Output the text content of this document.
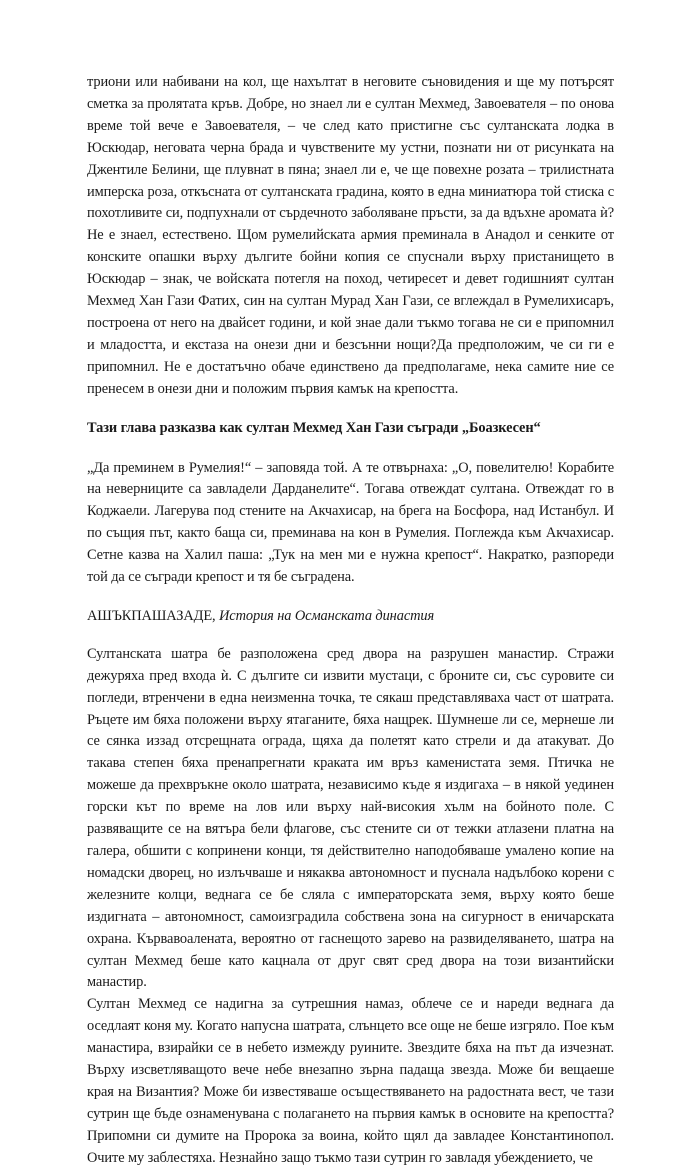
триони или набивани на кол, ще нахълтат в неговите съновидения и ще му потърсят сметка за пролятата кръв. Добре, но знаел ли е султан Мехмед, Завоевателя – по онова време той вече е Завоевателя, – че след като пристигне със султанската лодка в Юскюдар, неговата черна брада и чувствените му устни, познати ни от рисунката на Джентиле Белини, ще плувнат в пяна; знаел ли е, че ще повехне розата – трилистната имперска роза, откъсната от султанската градина, която в една миниатюра той стиска с похотливите си, подпухнали от сърдечното заболяване пръсти, за да вдъхне аромата ѝ? Не е знаел, естествено. Щом румелийската армия преминала в Анадол и сенките от конските опашки върху дългите бойни копия се спуснали върху пристанището в Юскюдар – знак, че войската потегля на поход, четиресет и девет годишният султан Мехмед Хан Гази Фатих, син на султан Мурад Хан Гази, се вглеждал в Румелихисаръ, построена от него на двайсет години, и кой знае дали тъкмо тогава не си е припомнил и младостта, и екстаза на онези дни и безсънни нощи?Да предположим, че си ги е припомнил. Не е достатъчно обаче единствено да предполагаме, нека самите ние се пренесем в онези дни и положим първия камък на крепостта.

Тази глава разказва как султан Мехмед Хан Гази съгради „Боазкесен“

„Да преминем в Румелия!“ – заповяда той. А те отвърнаха: „О, повелителю! Корабите на неверниците са завладели Дарданелите“. Тогава отвеждат султана. Отвеждат го в Коджаели. Лагерува под стените на Акчахисар, на брега на Босфора, над Истанбул. И по същия път, както баща си, преминава на кон в Румелия. Поглежда към Акчахисар. Сетне казва на Халил паша: „Тук на мен ми е нужна крепост“. Накратко, разпореди той да се съгради крепост и тя бе съградена.

АШЪКПАШАЗАДЕ, История на Османската династия

Султанската шатра бе разположена сред двора на разрушен манастир. Стражи дежуряха пред входа ѝ. С дългите си извити мустаци, с броните си, със суровите си погледи, втренчени в една неизменна точка, те сякаш представляваха част от шатрата. Ръцете им бяха положени върху ятаганите, бяха нащрек. Шумнеше ли се, мернеше ли се сянка иззад отсрещната ограда, щяха да полетят като стрели и да атакуват. До такава степен бяха пренапрегнати краката им връз каменистата земя. Птичка не можеше да прехвръкне около шатрата, независимо къде я издигаха – в някой уединен горски кът по време на лов или върху най-високия хълм на бойното поле. С развяващите се на вятъра бели флагове, със стените си от тежки атлазени платна на галера, обшити с копринени конци, тя действително наподобяваше умалено копие на номадски дворец, но излъчваше и някаква автономност и пуснала надълбоко корени с железните колци, веднага се бе сляла с императорската земя, върху която беше издигната – автономност, самоизградила собствена зона на сигурност в еничарската охрана. Кървавоалената, вероятно от гаснещото зарево на развиделяването, шатра на султан Мехмед беше като кацнала от друг свят сред двора на този византийски манастир.

Султан Мехмед се надигна за сутрешния намаз, облече се и нареди веднага да оседлаят коня му. Когато напусна шатрата, слънцето все още не беше изгряло. Пое към манастира, взирайки се в небето измежду руините. Звездите бяха на път да изчезнат. Върху изсветляващото вече небе внезапно зърна падаща звезда. Може би вещаеше края на Византия? Може би известяваше осъществяването на радостната вест, че тази сутрин ще бъде ознаменувана с полагането на първия камък в основите на крепостта? Припомни си думите на Пророка за воина, който щял да завладее Константинопол. Очите му заблестяха. Незнайно защо тъкмо тази сутрин го завладя убеждението, че
